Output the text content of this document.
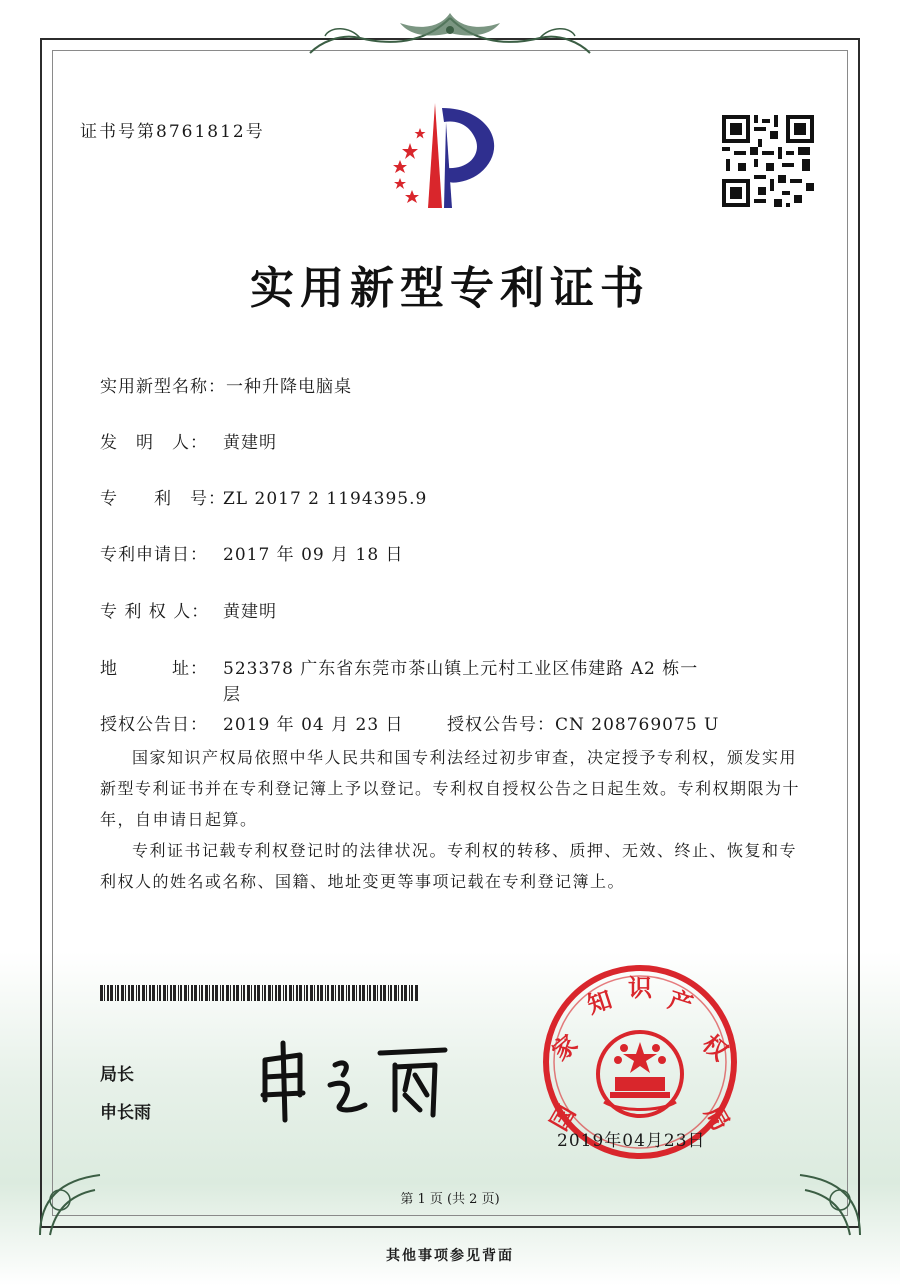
证书号第8761812号
实用新型专利证书
实用新型名称：一种升降电脑桌
发　明　人： 黄建明
专　　利　号：ZL 2017 2 1194395.9
专利申请日： 2017 年 09 月 18 日
专 利 权 人： 黄建明
地　　　址： 523378 广东省东莞市茶山镇上元村工业区伟建路 A2 栋一
层
授权公告日： 2019 年 04 月 23 日	授权公告号：CN 208769075 U
国家知识产权局依照中华人民共和国专利法经过初步审查，决定授予专利权，颁发实用新型专利证书并在专利登记簿上予以登记。专利权自授权公告之日起生效。专利权期限为十年，自申请日起算。
专利证书记载专利权登记时的法律状况。专利权的转移、质押、无效、终止、恢复和专利权人的姓名或名称、国籍、地址变更等事项记载在专利登记簿上。
局长
申长雨	国
家
知 识 产
权
局
2019年04月23日
第 1 页 (共 2 页)
其他事项参见背面
